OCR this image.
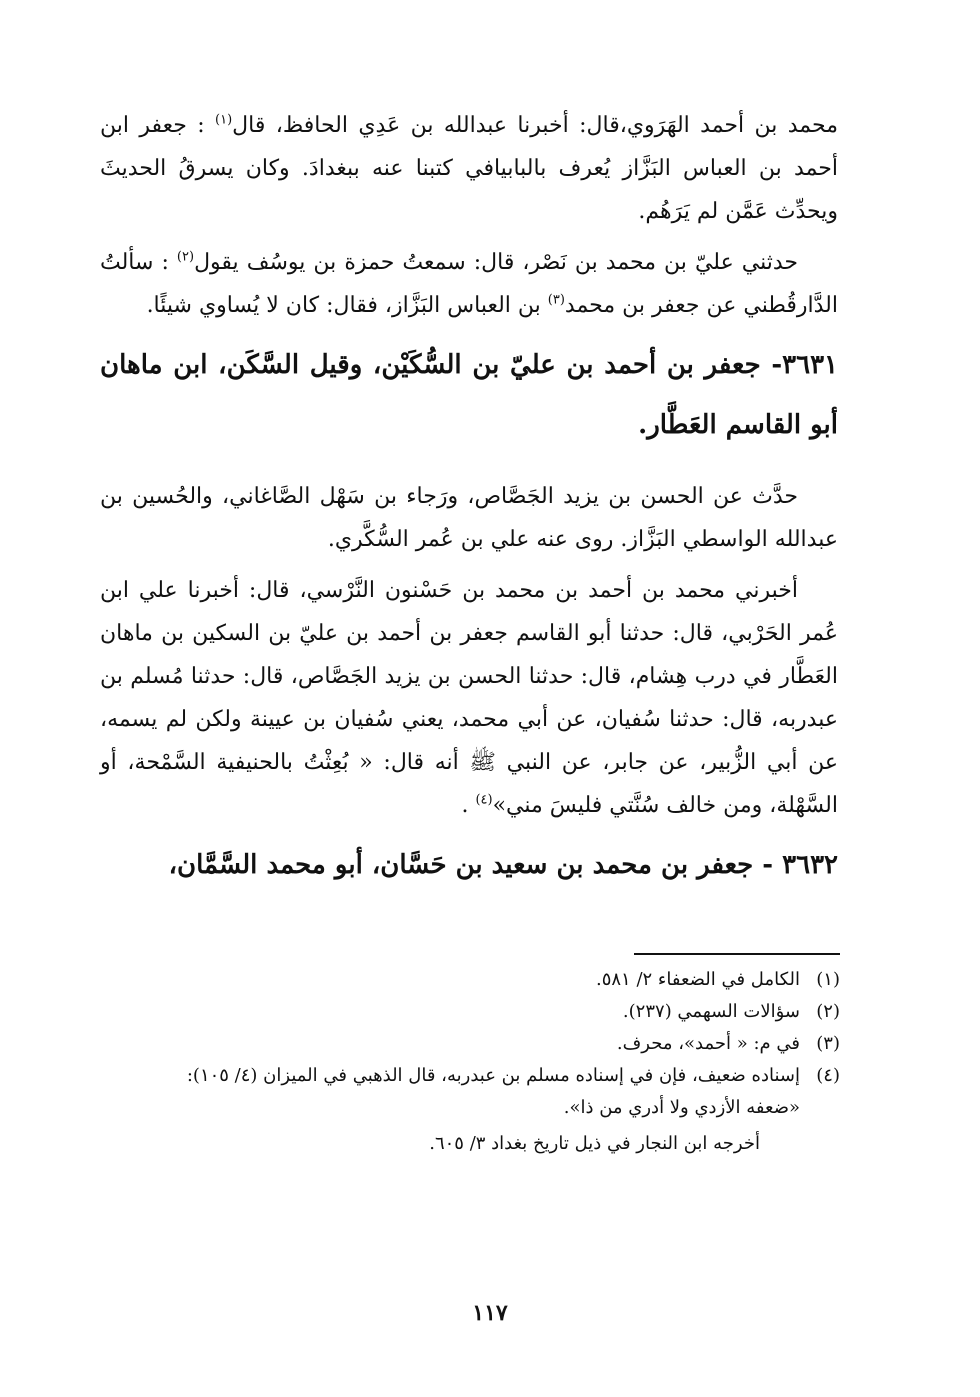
محمد بن أحمد الهَرَوي،قال: أخبرنا عبدالله بن عَدِي الحافظ، قال$^{(١)}$ : جعفر ابن أحمد بن العباس البَزَّاز يُعرف بالبابيافي كتبنا عنه ببغدادَ. وكان يسرقُ الحديثَ ويحدِّث عَمَّن لم يَرَهُم.

حدثني عليّ بن محمد بن نَصْر، قال: سمعتُ حمزة بن يوسُف يقول$^{(٢)}$ : سألتُ الدَّارقُطني عن جعفر بن محمد$^{(٣)}$ بن العباس البَزَّاز، فقال: كان لا يُساوي شيئًا.

٣٦٣١- جعفر بن أحمد بن عليّ بن السُّكَيْن، وقيل السَّكَن، ابن ماهان أبو القاسم العَطَّار.

حدَّث عن الحسن بن يزيد الجَصَّاص، ورَجاء بن سَهْل الصَّاغاني، والحُسين بن عبدالله الواسطي البَزَّاز. روى عنه علي بن عُمر السُّكَّري.

أخبرني محمد بن أحمد بن محمد بن حَسْنون النَّرْسي، قال: أخبرنا علي ابن عُمر الحَرْبي، قال: حدثنا أبو القاسم جعفر بن أحمد بن عليّ بن السكين بن ماهان العَطَّار في درب هِشام، قال: حدثنا الحسن بن يزيد الجَصَّاص، قال: حدثنا مُسلم بن عبدربه، قال: حدثنا سُفيان، عن أبي محمد، يعني سُفيان بن عيينة ولكن لم يسمه، عن أبي الزُّبير، عن جابر، عن النبي ﷺ أنه قال: « بُعِثْتُ بالحنيفية السَّمْحة، أو السَّهْلة، ومن خالف سُنَّتي فليسَ مني»$^{(٤)}$ .

٣٦٣٢ - جعفر بن محمد بن سعيد بن حَسَّان، أبو محمد السَّمَّان،

(١)
الكامل في الضعفاء ٢/ ٥٨١.
(٢)
سؤالات السهمي (٢٣٧).
(٣)
في م: « أحمد»، محرف.
(٤)
إسناده ضعيف، فإن في إسناده مسلم بن عبدربه، قال الذهبي في الميزان (٤/ ١٠٥): «ضعفه الأزدي ولا أدري من ذا».
أخرجه ابن النجار في ذيل تاريخ بغداد ٣/ ٦٠٥.
١١٧
